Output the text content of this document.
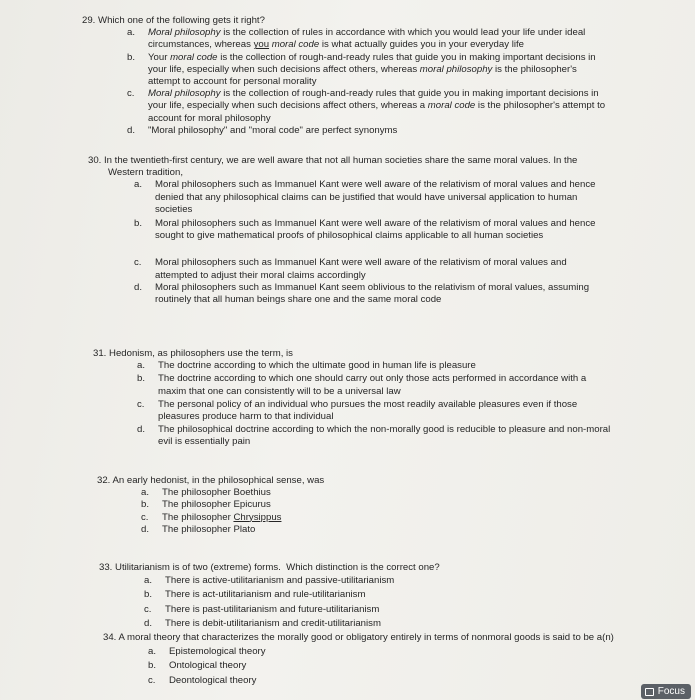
29. Which one of the following gets it right?
a. Moral philosophy is the collection of rules in accordance with which you would lead your life under ideal
circumstances, whereas you moral code is what actually guides you in your everyday life
b. Your moral code is the collection of rough-and-ready rules that guide you in making important decisions in
your life, especially when such decisions affect others, whereas moral philosophy is the philosopher's
attempt to account for personal morality
c. Moral philosophy is the collection of rough-and-ready rules that guide you in making important decisions in
your life, especially when such decisions affect others, whereas a moral code is the philosopher's attempt to
account for moral philosophy
d. "Moral philosophy" and "moral code" are perfect synonyms
30. In the twentieth-first century, we are well aware that not all human societies share the same moral values. In the
Western tradition,
a. Moral philosophers such as Immanuel Kant were well aware of the relativism of moral values and hence
denied that any philosophical claims can be justified that would have universal application to human
societies
b. Moral philosophers such as Immanuel Kant were well aware of the relativism of moral values and hence
sought to give mathematical proofs of philosophical claims applicable to all human societies
c. Moral philosophers such as Immanuel Kant were well aware of the relativism of moral values and
attempted to adjust their moral claims accordingly
d. Moral philosophers such as Immanuel Kant seem oblivious to the relativism of moral values, assuming
routinely that all human beings share one and the same moral code
31. Hedonism, as philosophers use the term, is
a. The doctrine according to which the ultimate good in human life is pleasure
b. The doctrine according to which one should carry out only those acts performed in accordance with a
maxim that one can consistently will to be a universal law
c. The personal policy of an individual who pursues the most readily available pleasures even if those
pleasures produce harm to that individual
d. The philosophical doctrine according to which the non-morally good is reducible to pleasure and non-moral
evil is essentially pain
32. An early hedonist, in the philosophical sense, was
a. The philosopher Boethius
b. The philosopher Epicurus
c. The philosopher Chrysippus
d. The philosopher Plato
33. Utilitarianism is of two (extreme) forms.  Which distinction is the correct one?
a. There is active-utilitarianism and passive-utilitarianism
b. There is act-utilitarianism and rule-utilitarianism
c. There is past-utilitarianism and future-utilitarianism
d. There is debit-utilitarianism and credit-utilitarianism
34. A moral theory that characterizes the morally good or obligatory entirely in terms of nonmoral goods is said to be a(n)
a. Epistemological theory
b. Ontological theory
c. Deontological theory
Focus
